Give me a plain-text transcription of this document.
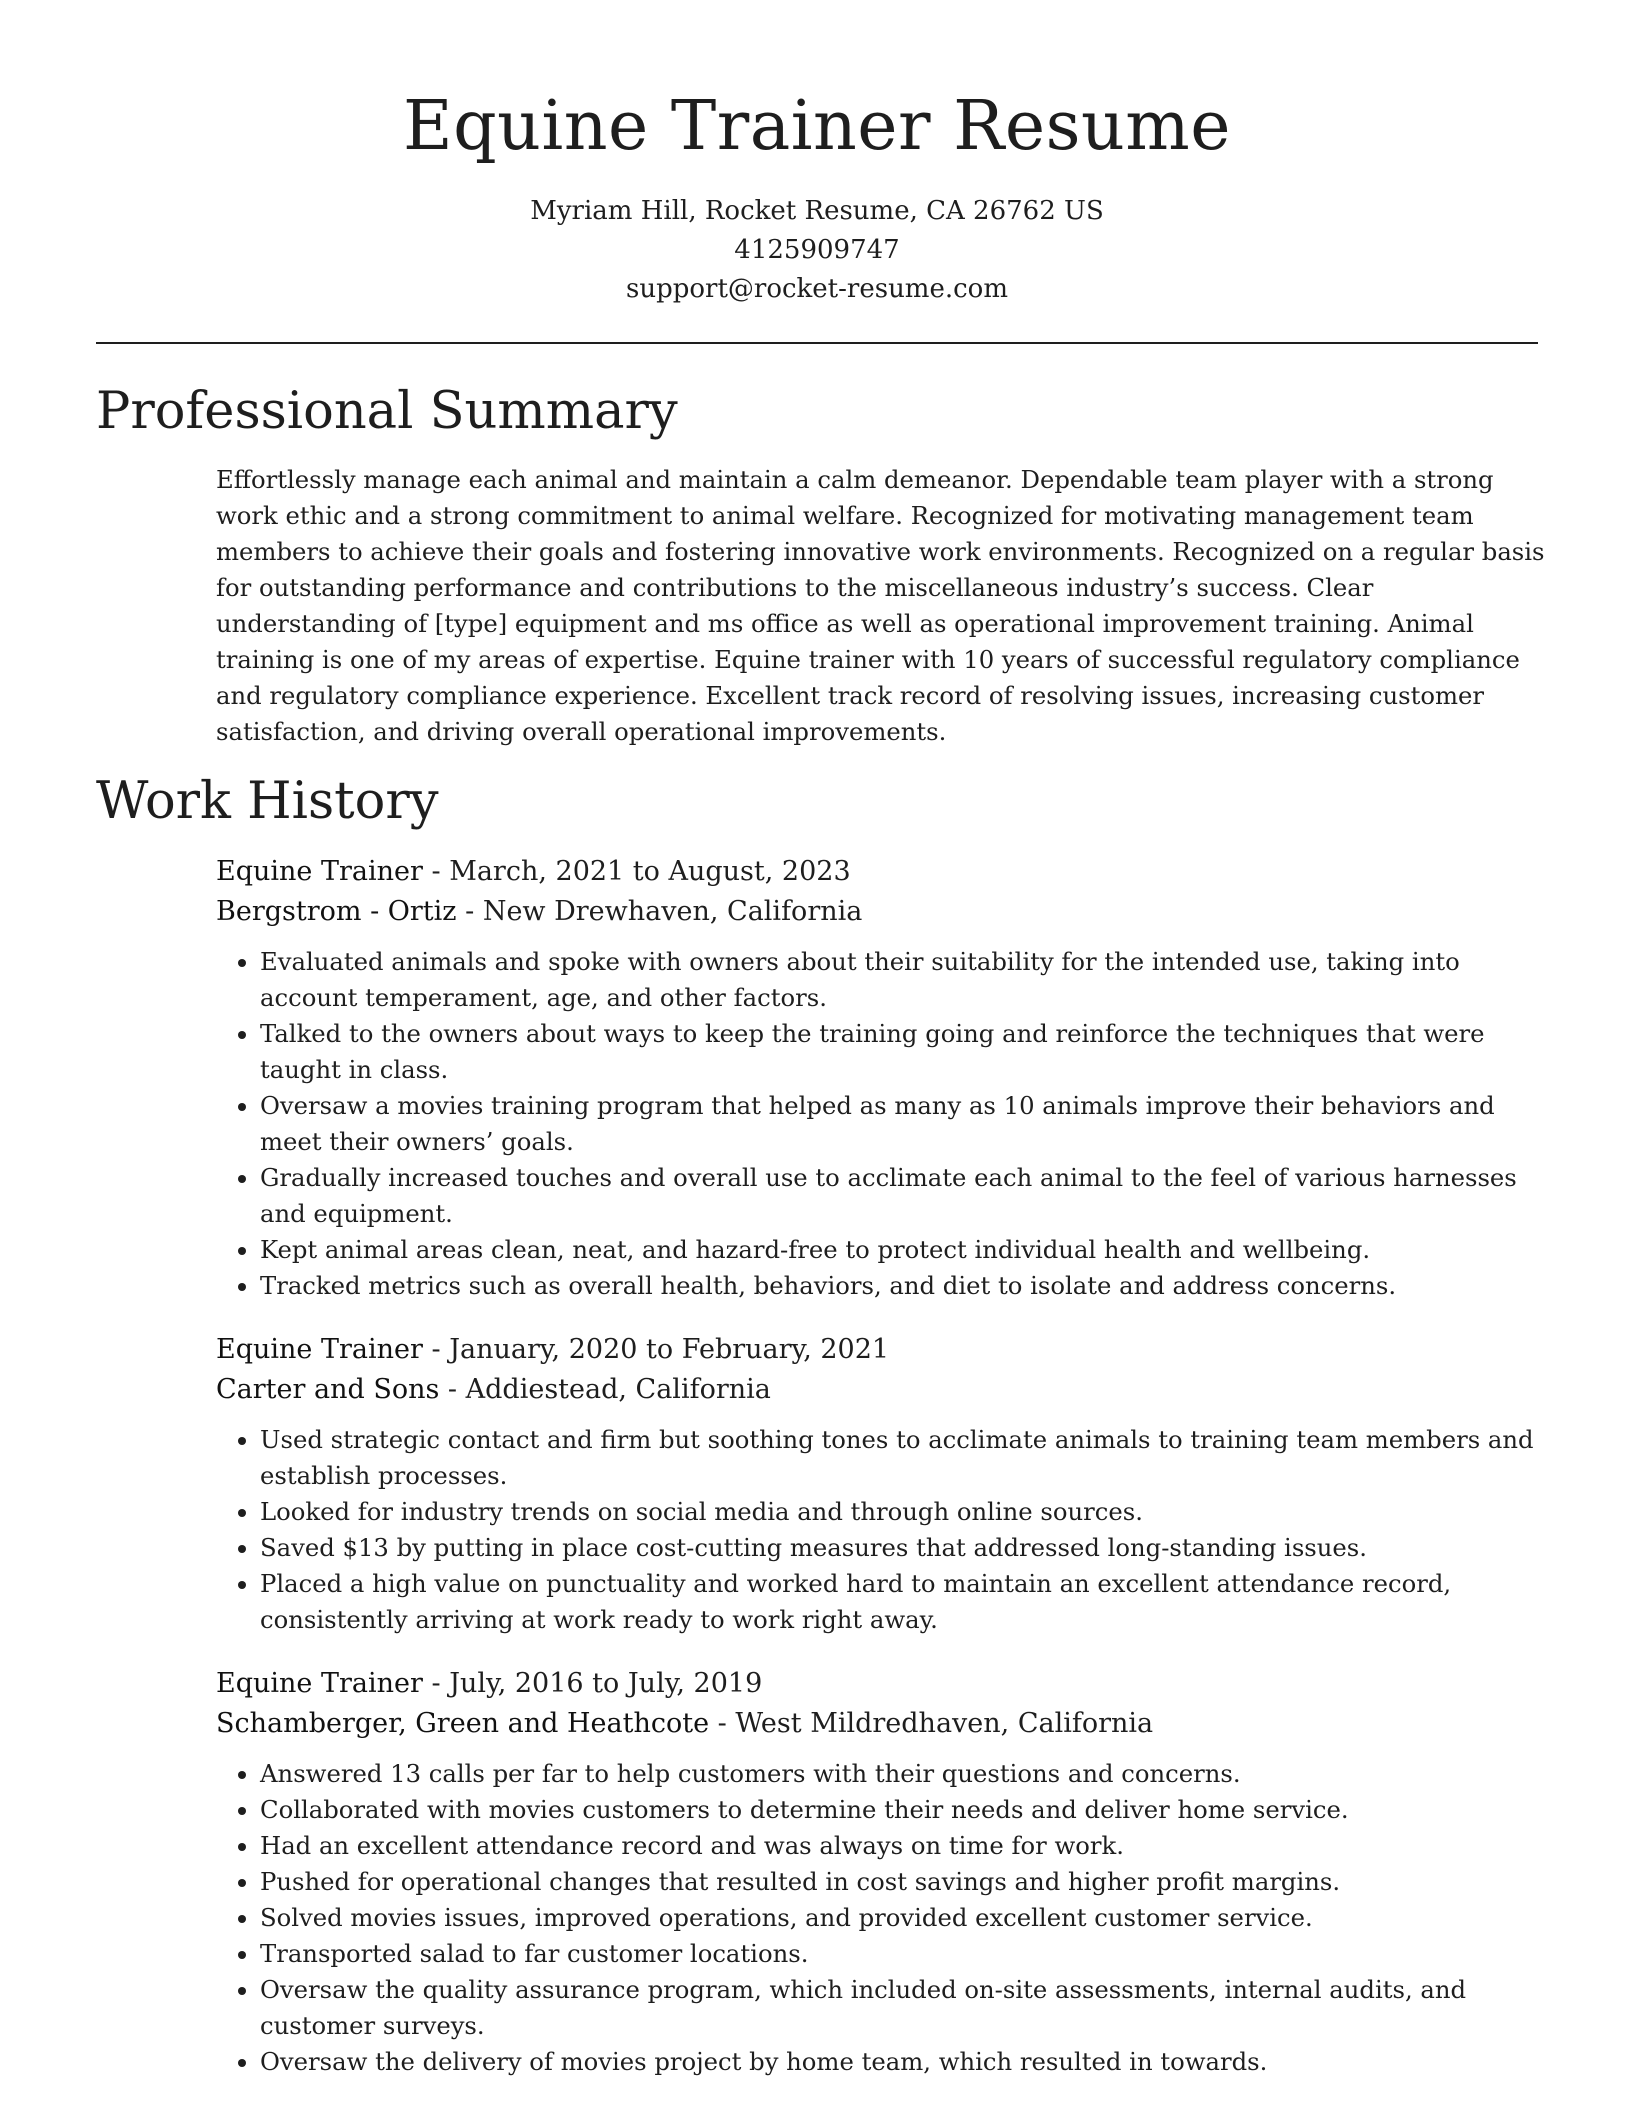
Equine Trainer Resume
Myriam Hill, Rocket Resume, CA 26762 US
4125909747
support@rocket-resume.com
Professional Summary

Effortlessly manage each animal and maintain a calm demeanor. Dependable team player with a strong work ethic and a strong commitment to animal welfare. Recognized for motivating management team members to achieve their goals and fostering innovative work environments. Recognized on a regular basis for outstanding performance and contributions to the miscellaneous industry’s success. Clear understanding of [type] equipment and ms office as well as operational improvement training. Animal training is one of my areas of expertise. Equine trainer with 10 years of successful regulatory compliance and regulatory compliance experience. Excellent track record of resolving issues, increasing customer satisfaction, and driving overall operational improvements.

Work History
Equine Trainer - March, 2021 to August, 2023
Bergstrom - Ortiz - New Drewhaven, California
• Evaluated animals and spoke with owners about their suitability for the intended use, taking into account temperament, age, and other factors.
• Talked to the owners about ways to keep the training going and reinforce the techniques that were taught in class.
• Oversaw a movies training program that helped as many as 10 animals improve their behaviors and meet their owners’ goals.
• Gradually increased touches and overall use to acclimate each animal to the feel of various harnesses and equipment.
• Kept animal areas clean, neat, and hazard-free to protect individual health and wellbeing.
• Tracked metrics such as overall health, behaviors, and diet to isolate and address concerns.
Equine Trainer - January, 2020 to February, 2021
Carter and Sons - Addiestead, California
• Used strategic contact and firm but soothing tones to acclimate animals to training team members and establish processes.
• Looked for industry trends on social media and through online sources.
• Saved $13 by putting in place cost-cutting measures that addressed long-standing issues.
• Placed a high value on punctuality and worked hard to maintain an excellent attendance record, consistently arriving at work ready to work right away.
Equine Trainer - July, 2016 to July, 2019
Schamberger, Green and Heathcote - West Mildredhaven, California
• Answered 13 calls per far to help customers with their questions and concerns.
• Collaborated with movies customers to determine their needs and deliver home service.
• Had an excellent attendance record and was always on time for work.
• Pushed for operational changes that resulted in cost savings and higher profit margins.
• Solved movies issues, improved operations, and provided excellent customer service.
• Transported salad to far customer locations.
• Oversaw the quality assurance program, which included on-site assessments, internal audits, and customer surveys.
• Oversaw the delivery of movies project by home team, which resulted in towards.
